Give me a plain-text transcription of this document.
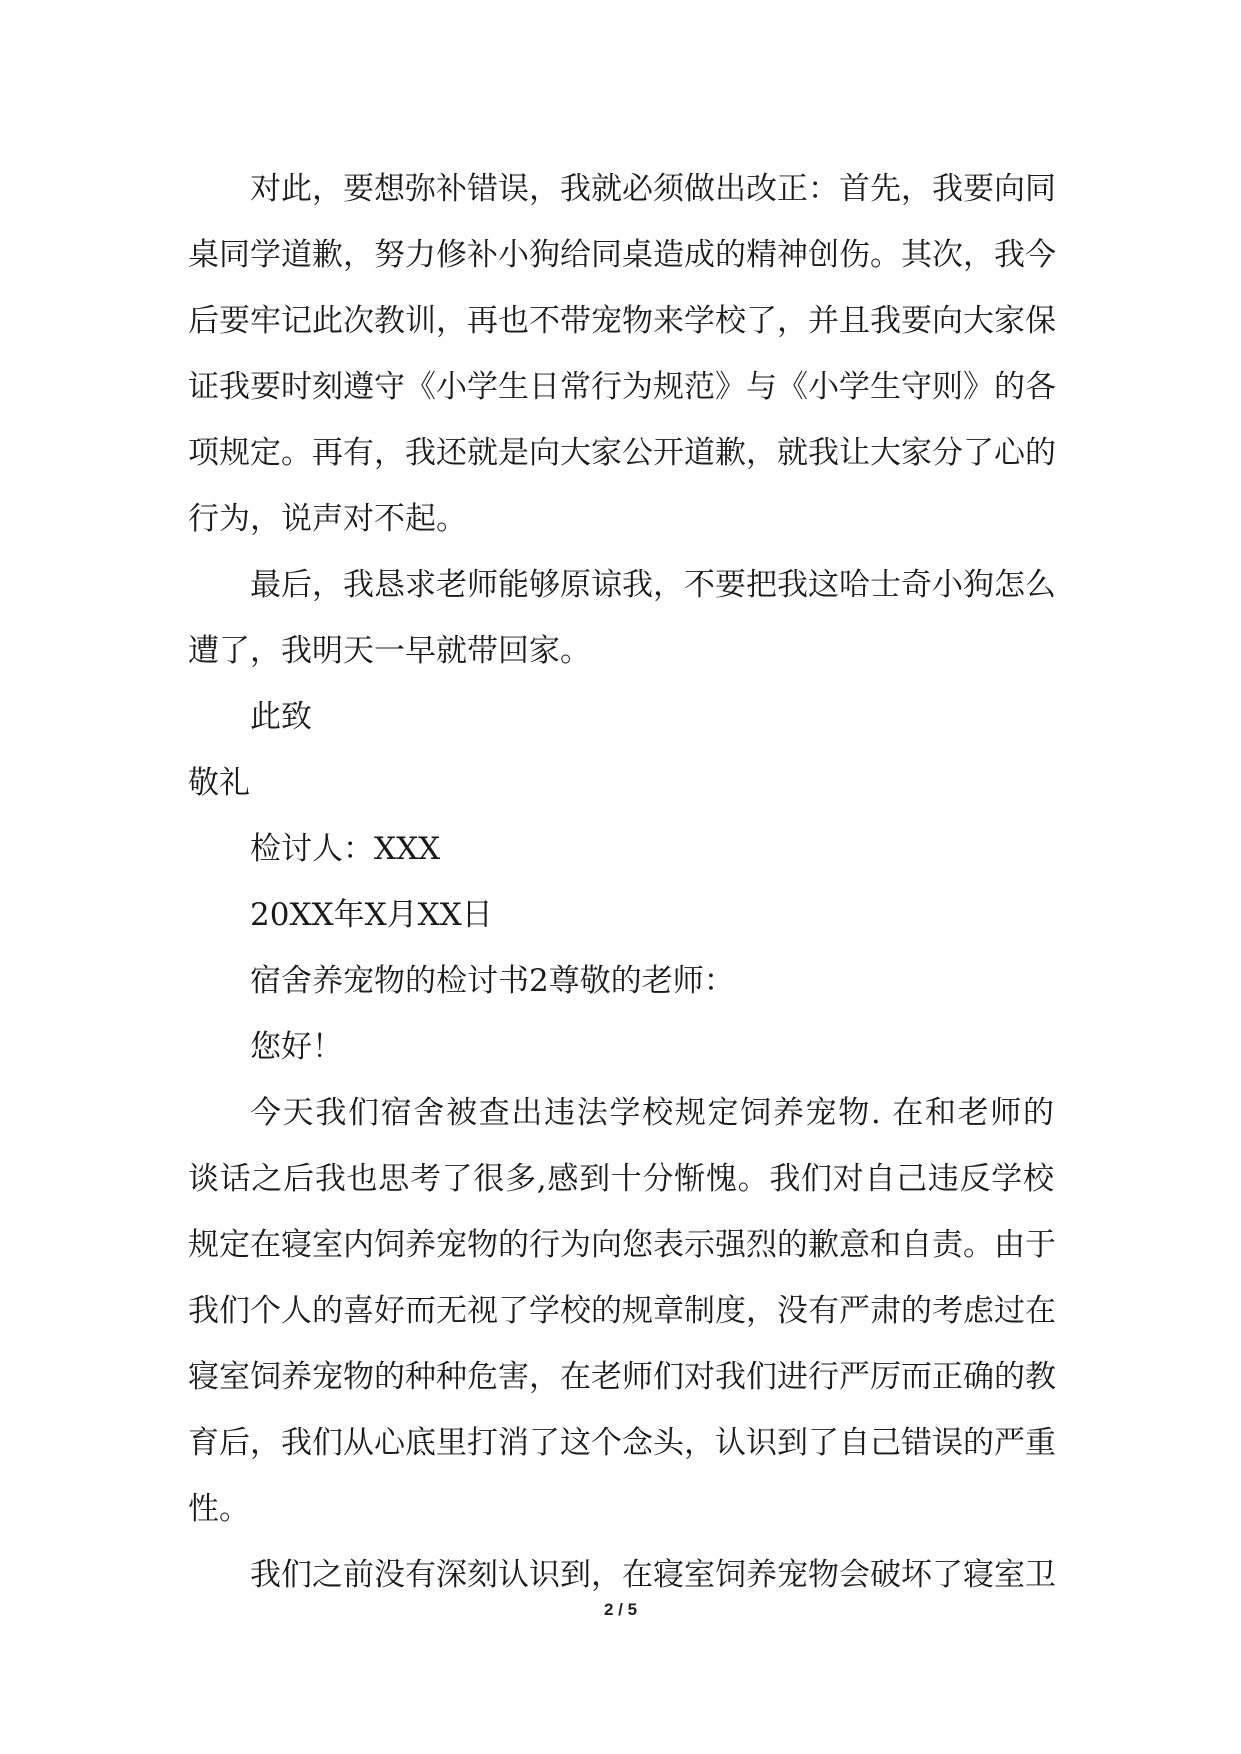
对此，要想弥补错误，我就必须做出改正：首先，我要向同
桌同学道歉，努力修补小狗给同桌造成的精神创伤。其次，我今
后要牢记此次教训，再也不带宠物来学校了，并且我要向大家保
证我要时刻遵守《小学生日常行为规范》与《小学生守则》的各
项规定。再有，我还就是向大家公开道歉，就我让大家分了心的
行为，说声对不起。
最后，我恳求老师能够原谅我，不要把我这哈士奇小狗怎么
遭了，我明天一早就带回家。
此致
敬礼
检讨人：XXX
20XX年X月XX日
宿舍养宠物的检讨书2尊敬的老师：
您好！
今天我们宿舍被查出违法学校规定饲养宠物. 在和老师的
谈话之后我也思考了很多,感到十分惭愧。我们对自己违反学校
规定在寝室内饲养宠物的行为向您表示强烈的歉意和自责。由于
我们个人的喜好而无视了学校的规章制度，没有严肃的考虑过在
寝室饲养宠物的种种危害，在老师们对我们进行严厉而正确的教
育后，我们从心底里打消了这个念头，认识到了自己错误的严重
性。
我们之前没有深刻认识到，在寝室饲养宠物会破坏了寝室卫
2 / 5
